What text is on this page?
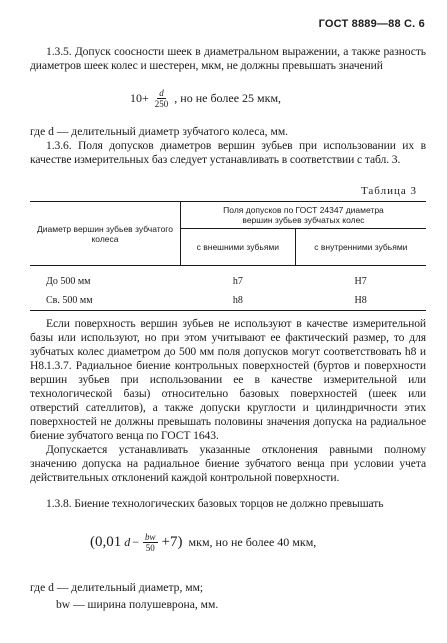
ГОСТ 8889—88 С. 6
1.3.5. Допуск соосности шеек в диаметральном выражении, а также разность диаметров шеек колес и шестерен, мкм, не должны превышать значений
$10+ \frac{d}{250}$ , но не более 25 мкм,
где d — делительный диаметр зубчатого колеса, мм.
1.3.6. Поля допусков диаметров вершин зубьев при использовании их в качестве измерительных баз следует устанавливать в соответствии с табл. 3.
Таблица 3
Диаметр вершин зубьев зубчатого колеса	Поля допусков по ГОСТ 24347 диаметра вершин зубьев зубчатых колес	
	с внешними зубьями	с внутренними зубьями
До 500 мм	h7	H7
Св. 500 мм	h8	H8
Если поверхность вершин зубьев не используют в качестве измерительной базы или используют, но при этом учитывают ее фактический размер, то для зубчатых колес диаметром до 500 мм поля допусков могут соответствовать h8 и H8. 1.3.7. Радиальное биение контрольных поверхностей (буртов и поверхности вершин зубьев при использовании ее в качестве измерительной или технологической базы) относительно базовых поверхностей (шеек или отверстий сателлитов), а также допуски круглости и цилиндричности этих поверхностей не должны превышать половины значения допуска на радиальное биение зубчатого венца по ГОСТ 1643.
Допускается устанавливать указанные отклонения равными полному значению допуска на радиальное биение зубчатого венца при условии учета действительных отклонений каждой контрольной поверхности.
1.3.8. Биение технологических базовых торцов не должно превышать
(0,01 $d - \frac{bw}{50} +7$) мкм, но не более 40 мкм,
где d — делительный диаметр, мм;
bw — ширина полушеврона, мм.
